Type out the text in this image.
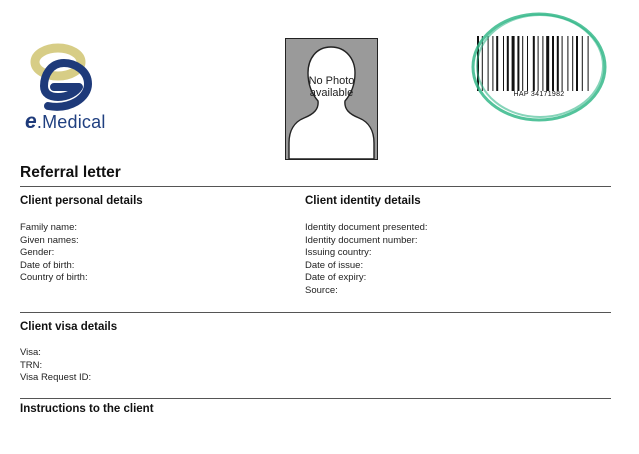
e.Medical
No Photo
available	HAP 34171982
Referral letter
Client personal details
Family name:
Given names:
Gender:
Date of birth:
Country of birth:
Client identity details
Identity document presented:
Identity document number:
Issuing country:
Date of issue:
Date of expiry:
Source:
Client visa details
Visa:
TRN:
Visa Request ID:
Instructions to the client
